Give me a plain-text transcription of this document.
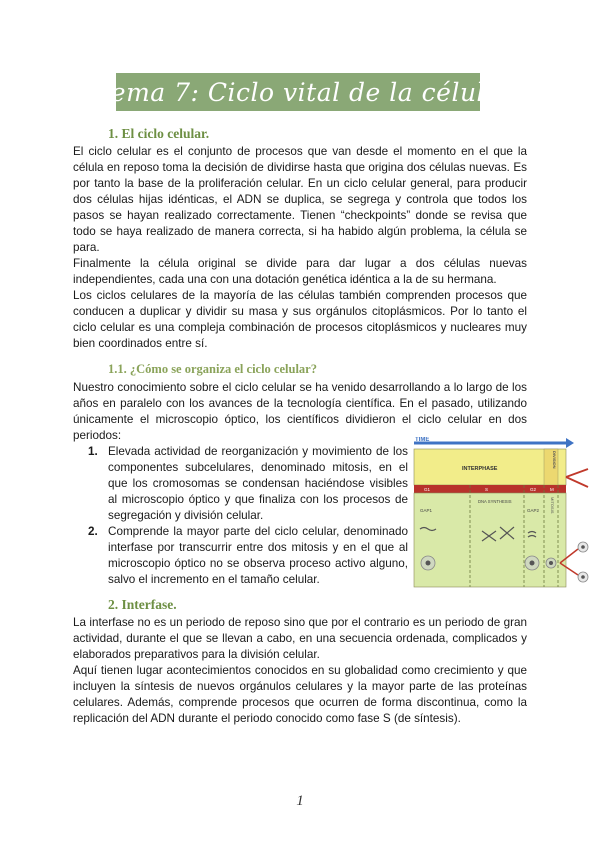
Tema 7: Ciclo vital de la célula
1. El ciclo celular.

El ciclo celular es el conjunto de procesos que van desde el momento en el que la célula en reposo toma la decisión de dividirse hasta que origina dos células nuevas. Es por tanto la base de la proliferación celular. En un ciclo celular general, para producir dos células hijas idénticas, el ADN se duplica, se segrega y controla que todos los pasos se hayan realizado correctamente. Tienen “checkpoints” donde se revisa que todo se haya realizado de manera correcta, si ha habido algún problema, la célula se para.

Finalmente la célula original se divide para dar lugar a dos células nuevas independientes, cada una con una dotación genética idéntica a la de su hermana.

Los ciclos celulares de la mayoría de las células también comprenden procesos que conducen a duplicar y dividir su masa y sus orgánulos citoplásmicos. Por lo tanto el ciclo celular es una compleja combinación de procesos citoplásmicos y nucleares muy bien coordinados entre sí.

1.1. ¿Cómo se organiza el ciclo celular?

Nuestro conocimiento sobre el ciclo celular se ha venido desarrollando a lo largo de los años en paralelo con los avances de la tecnología científica. En el pasado, utilizando únicamente el microscopio óptico, los científicos dividieron el ciclo celular en dos periodos:

1. Elevada actividad de reorganización y movimiento de los componentes subcelulares, denominado mitosis, en el que los cromosomas se condensan haciéndose visibles al microscopio óptico y que finaliza con los procesos de segregación y división celular.
2. Comprende la mayor parte del ciclo celular, denominado interfase por transcurrir entre dos mitosis y en el que al microscopio óptico no se observa proceso activo alguno, salvo el incremento en el tamaño celular.
TIME
INTERPHASE
DIVISION
G1	S	G2	M
GAP1
DNA SYNTHESIS
GAP2	MITOSIS
2. Interfase.

La interfase no es un periodo de reposo sino que por el contrario es un periodo de gran actividad, durante el que se llevan a cabo, en una secuencia ordenada, complicados y elaborados preparativos para la división celular.

Aquí tienen lugar acontecimientos conocidos en su globalidad como crecimiento y que incluyen la síntesis de nuevos orgánulos celulares y la mayor parte de las proteínas celulares. Además, comprende procesos que ocurren de forma discontinua, como la replicación del ADN durante el periodo conocido como fase S (de síntesis).

1
